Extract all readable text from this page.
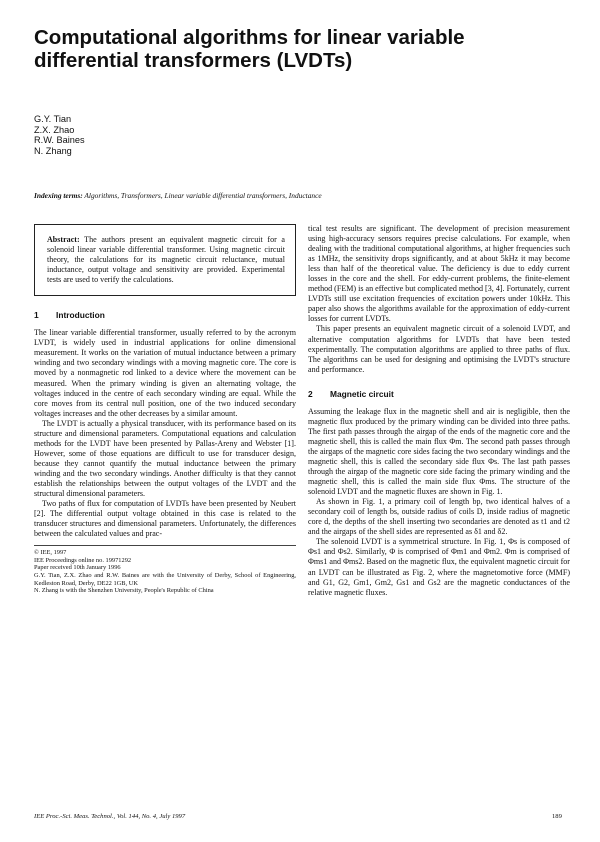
Computational algorithms for linear variable differential transformers (LVDTs)
G.Y. Tian
Z.X. Zhao
R.W. Baines
N. Zhang
Indexing terms: Algorithms, Transformers, Linear variable differential transformers, Inductance
Abstract: The authors present an equivalent magnetic circuit for a solenoid linear variable differential transformer. Using magnetic circuit theory, the calculations for its magnetic circuit reluctance, mutual inductance, output voltage and sensitivity are provided. Experimental tests are used to verify the calculations.
1 Introduction

The linear variable differential transformer, usually referred to by the acronym LVDT, is widely used in industrial applications for online dimensional measurement. It works on the variation of mutual inductance between a primary winding and two secondary windings with a moving magnetic core. The core is moved by a nonmagnetic rod linked to a device where the movement can be measured. When the primary winding is given an alternating voltage, the voltages induced in the centre of each secondary winding are equal. While the core moves from its central null position, one of the two induced secondary voltages increases and the other decreases by a similar amount.

The LVDT is actually a physical transducer, with its performance based on its structure and dimensional parameters. Computational equations and calculation methods for the LVDT have been presented by Pallas-Areny and Webster [1]. However, some of those equations are difficult to use for transducer design, because they cannot quantify the mutual inductance between the primary winding and the two secondary windings. Another difficulty is that they cannot establish the relationships between the output voltages of the LVDT and the structural dimensional parameters.

Two paths of flux for computation of LVDTs have been presented by Neubert [2]. The differential output voltage obtained in this case is related to the transducer structures and dimensional parameters. Unfortunately, the differences between the calculated values and prac-

© IEE, 1997
IEE Proceedings online no. 19971292
Paper received 10th January 1996
G.Y. Tian, Z.X. Zhao and R.W. Baines are with the University of Derby, School of Engineering, Kedleston Road, Derby, DE22 1GB, UK
N. Zhang is with the Shenzhen University, People's Republic of China

tical test results are significant. The development of precision measurement using high-accuracy sensors requires precise calculations. For example, when dealing with the traditional computational algorithms, at higher frequencies such as 1MHz, the sensitivity drops significantly, and at about 5kHz it may become less than half of the theoretical value. The deficiency is due to eddy current losses in the core and the shell. For eddy-current problems, the finite-element method (FEM) is an effective but complicated method [3, 4]. Fortunately, current LVDTs still use excitation frequencies of excitation powers under 10kHz. This paper also shows the algorithms available for the approximation of eddy-current losses for current LVDTs.

This paper presents an equivalent magnetic circuit of a solenoid LVDT, and alternative computation algorithms for LVDTs that have been tested experimentally. The computation algorithms are applied to three paths of flux. The algorithms can be used for designing and optimising the LVDT's structure and performance.

2 Magnetic circuit

Assuming the leakage flux in the magnetic shell and air is negligible, then the magnetic flux produced by the primary winding can be divided into three paths. The first path passes through the airgap of the ends of the magnetic core and the magnetic shell, this is called the main flux Φm. The second path passes through the airgaps of the magnetic core sides facing the two secondary windings and the magnetic shell, this is called the secondary side flux Φs. The last path passes through the airgap of the magnetic core side facing the primary winding and the magnetic shell, this is called the main side flux Φms. The structure of the solenoid LVDT and the magnetic fluxes are shown in Fig. 1.

As shown in Fig. 1, a primary coil of length bp, two identical halves of a secondary coil of length bs, outside radius of coils D, inside radius of magnetic core d, the depths of the shell inserting two secondaries are denoted as t1 and t2 and the airgaps of the shell sides are represented as δ1 and δ2.

The solenoid LVDT is a symmetrical structure. In Fig. 1, Φs is composed of Φs1 and Φs2. Similarly, Φ is comprised of Φm1 and Φm2. Φm is comprised of Φms1 and Φms2. Based on the magnetic flux, the equivalent magnetic circuit for an LVDT can be illustrated as Fig. 2, where the magnetomotive force (MMF) and G1, G2, Gm1, Gm2, Gs1 and Gs2 are the magnetic conductances of the relative magnetic fluxes.

IEE Proc.-Sci. Meas. Technol., Vol. 144, No. 4, July 1997	189
